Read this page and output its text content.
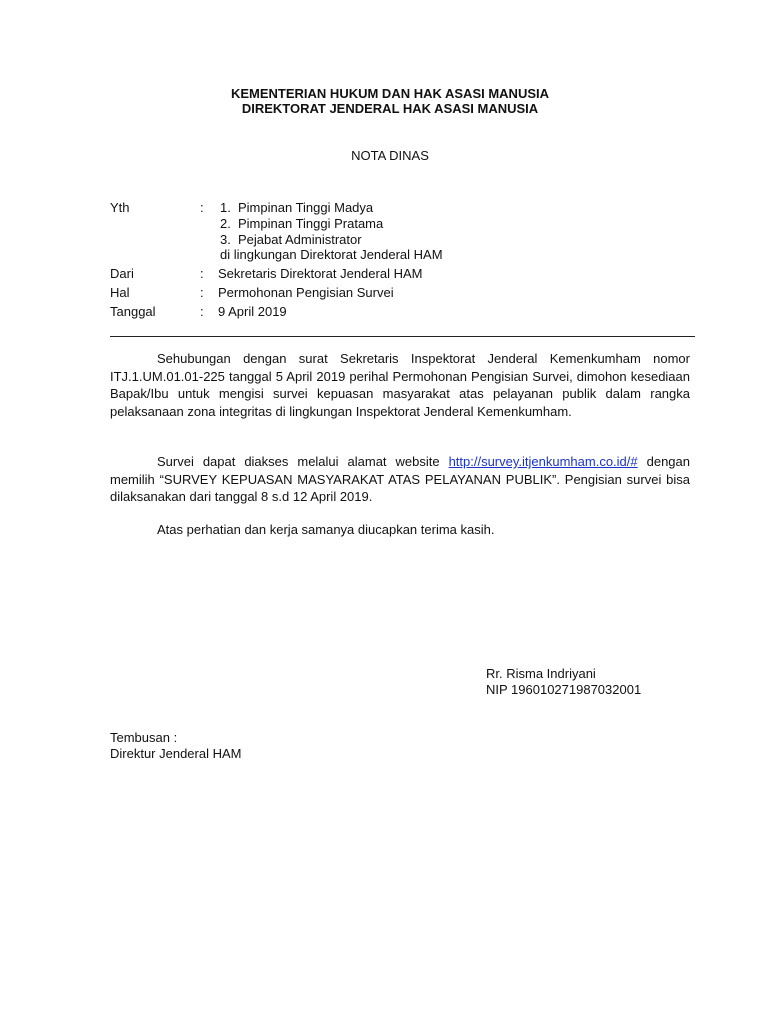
KEMENTERIAN HUKUM DAN HAK ASASI MANUSIA
DIREKTORAT JENDERAL HAK ASASI MANUSIA
NOTA DINAS
Yth	:	1. Pimpinan Tinggi Madya
2. Pimpinan Tinggi Pratama
3. Pejabat Administrator
di lingkungan Direktorat Jenderal HAM
Dari	:	Sekretaris Direktorat Jenderal HAM
Hal	:	Permohonan Pengisian Survei
Tanggal	:	9 April 2019

Sehubungan dengan surat Sekretaris Inspektorat Jenderal Kemenkumham nomor ITJ.1.UM.01.01-225 tanggal 5 April 2019 perihal Permohonan Pengisian Survei, dimohon kesediaan Bapak/Ibu untuk mengisi survei kepuasan masyarakat atas pelayanan publik dalam rangka pelaksanaan zona integritas di lingkungan Inspektorat Jenderal Kemenkumham.

Survei dapat diakses melalui alamat website http://survey.itjenkumham.co.id/# dengan memilih “SURVEY KEPUASAN MASYARAKAT ATAS PELAYANAN PUBLIK”. Pengisian survei bisa dilaksanakan dari tanggal 8 s.d 12 April 2019.

Atas perhatian dan kerja samanya diucapkan terima kasih.

Rr. Risma Indriyani
NIP 196010271987032001
Tembusan :
Direktur Jenderal HAM
